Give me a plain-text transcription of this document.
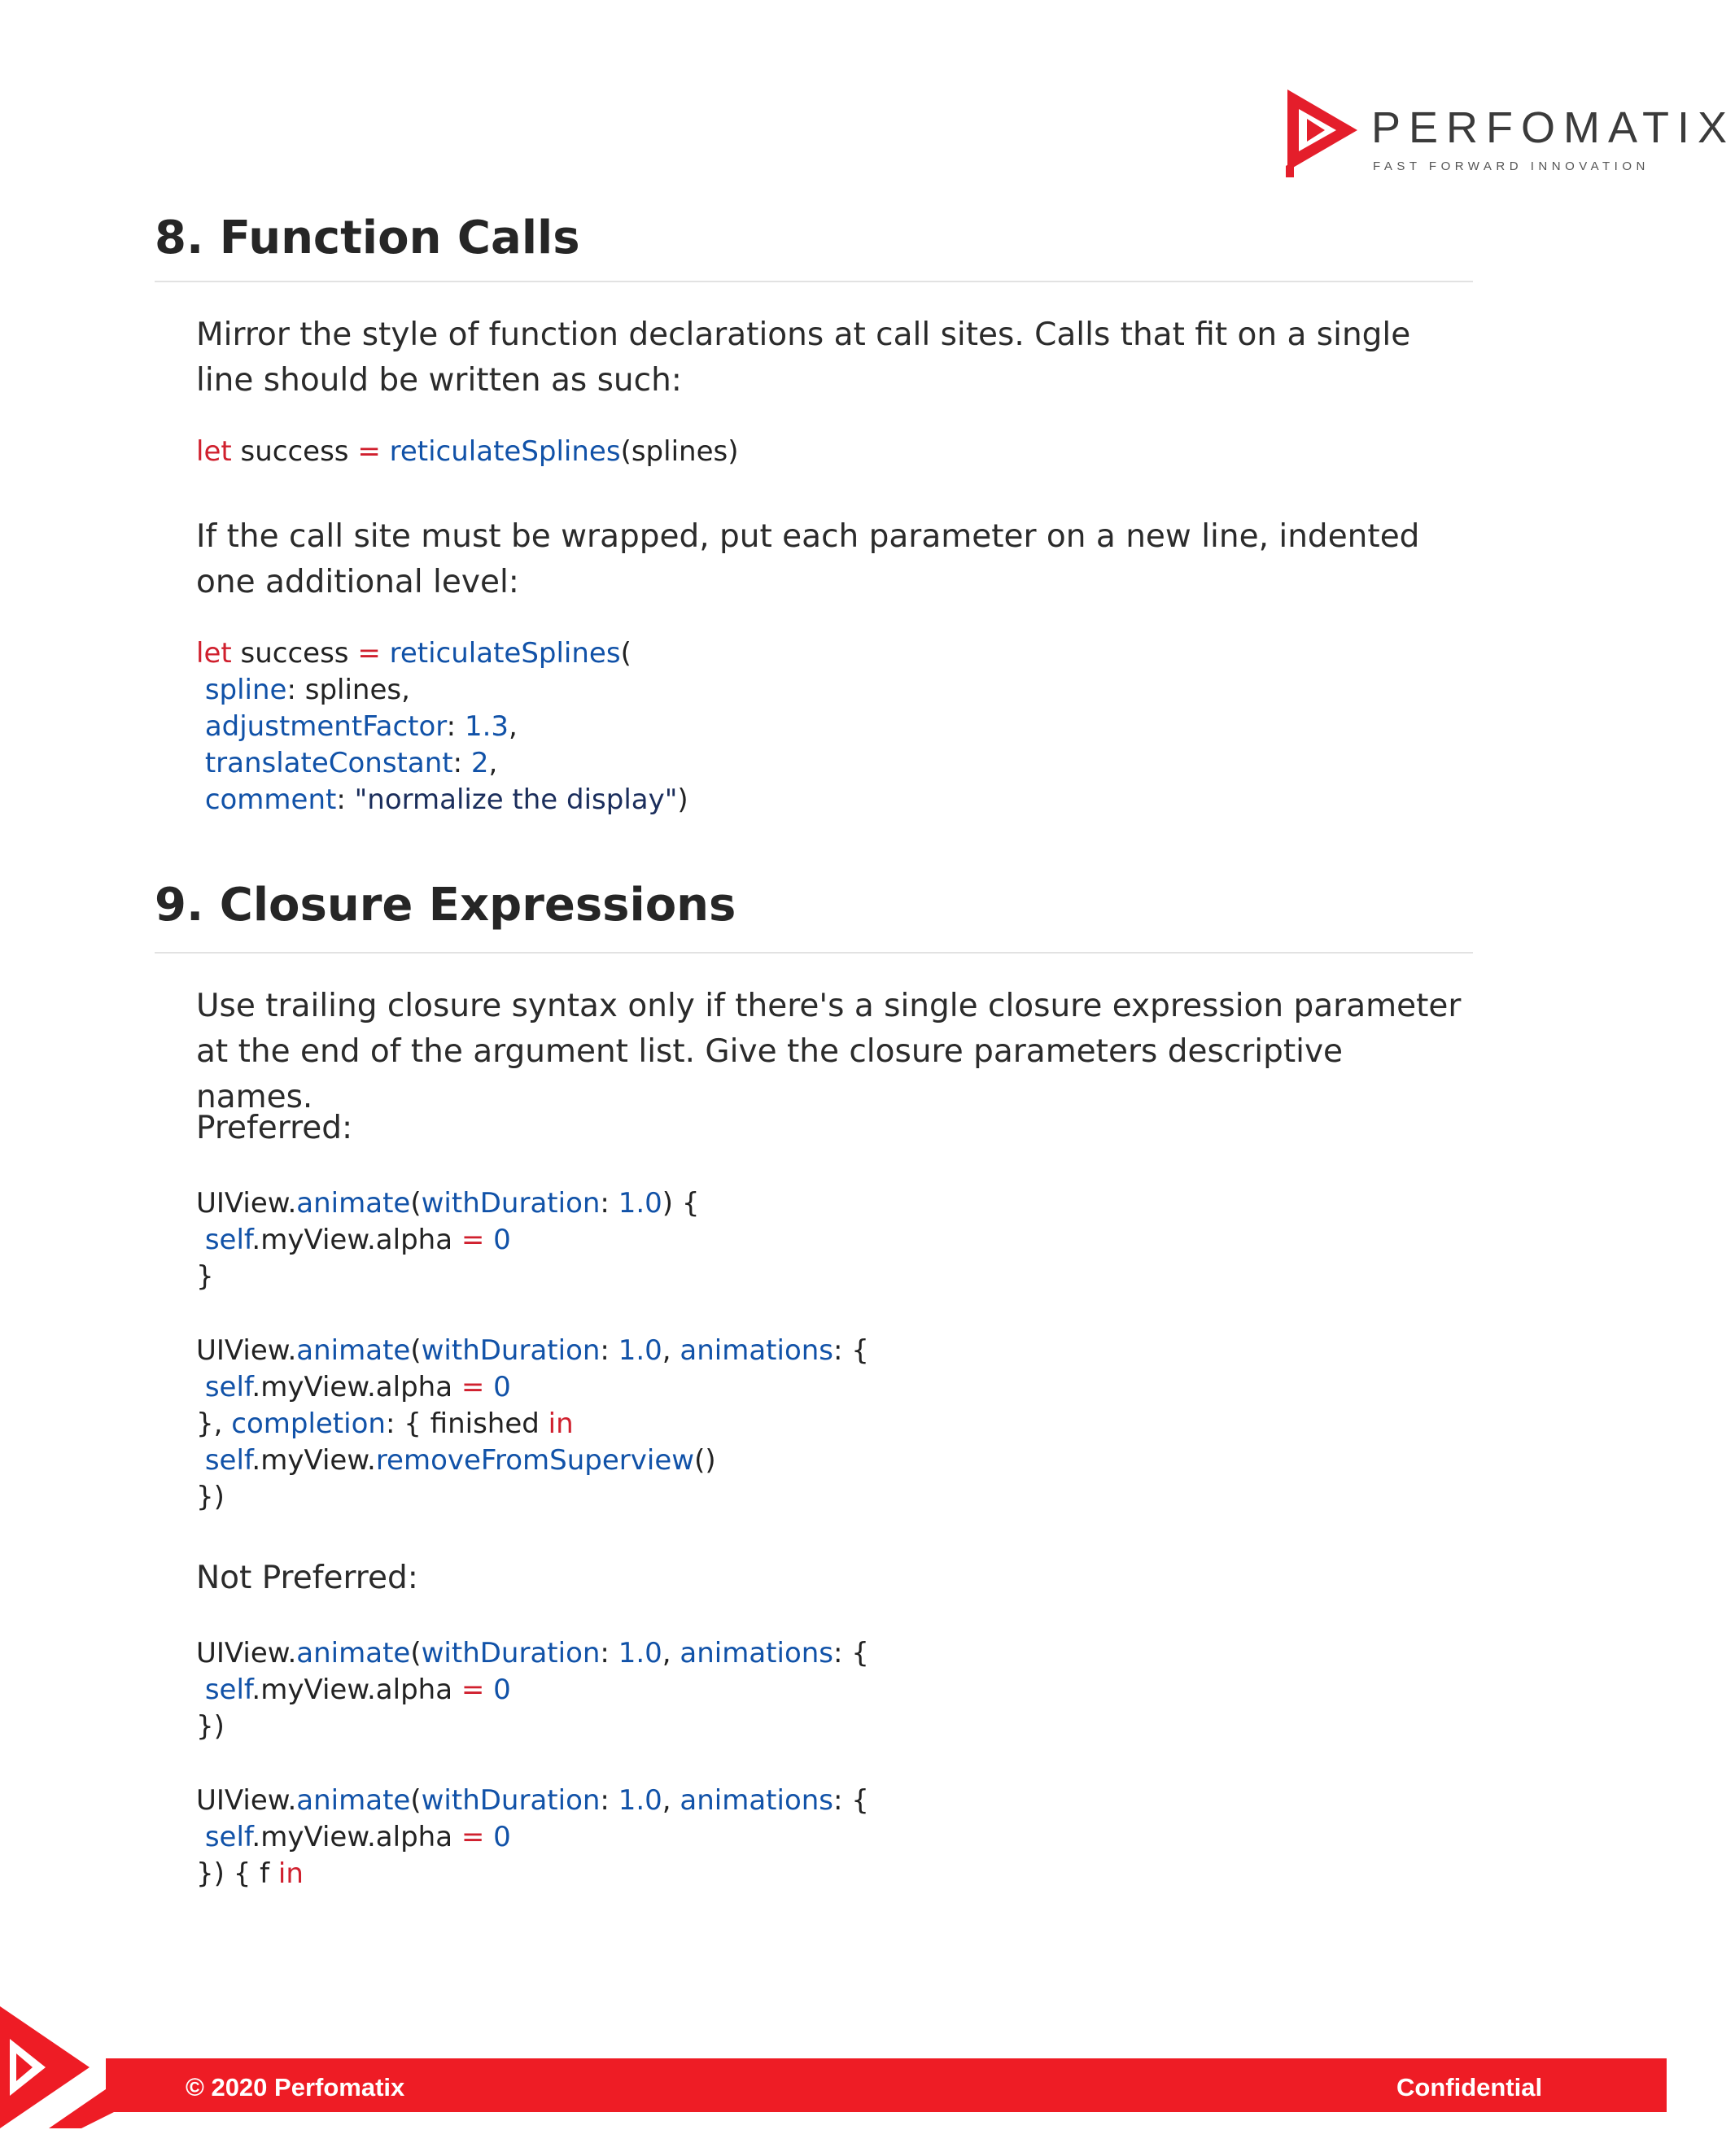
PERFOMATIX
FAST FORWARD INNOVATION
8. Function Calls

Mirror the style of function declarations at call sites. Calls that fit on a single line should be written as such:

let success = reticulateSplines(splines)

If the call site must be wrapped, put each parameter on a new line, indented one additional level:

let success = reticulateSplines(
spline: splines,
adjustmentFactor: 1.3,
translateConstant: 2,
comment: "normalize the display")
9. Closure Expressions

Use trailing closure syntax only if there's a single closure expression parameter at the end of the argument list. Give the closure parameters descriptive names.

Preferred:

UIView.animate(withDuration: 1.0) {
self.myView.alpha = 0
}
UIView.animate(withDuration: 1.0, animations: {
self.myView.alpha = 0
}, completion: { finished in
self.myView.removeFromSuperview()
})

Not Preferred:

UIView.animate(withDuration: 1.0, animations: {
self.myView.alpha = 0
})
UIView.animate(withDuration: 1.0, animations: {
self.myView.alpha = 0
}) { f in
© 2020 Perfomatix	Confidential
